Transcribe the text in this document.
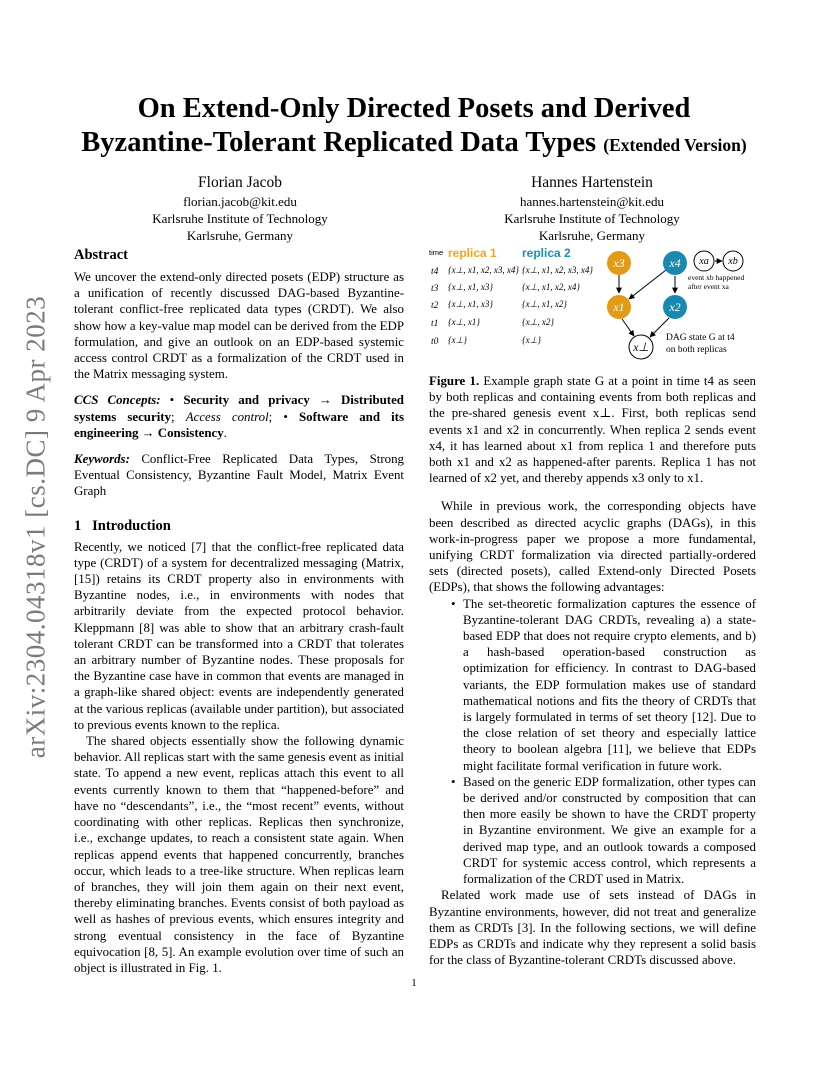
arXiv:2304.04318v1 [cs.DC] 9 Apr 2023
On Extend-Only Directed Posets and Derived
Byzantine-Tolerant Replicated Data Types (Extended Version)
Florian Jacob
florian.jacob@kit.edu
Karlsruhe Institute of Technology
Karlsruhe, Germany
Hannes Hartenstein
hannes.hartenstein@kit.edu
Karlsruhe Institute of Technology
Karlsruhe, Germany
Abstract

We uncover the extend-only directed posets (EDP) structure as a unification of recently discussed DAG-based Byzantine-tolerant conflict-free replicated data types (CRDT). We also show how a key-value map model can be derived from the EDP formulation, and give an outlook on an EDP-based systemic access control CRDT as a formalization of the CRDT used in the Matrix messaging system.

CCS Concepts: • Security and privacy → Distributed systems security; Access control; • Software and its engineering → Consistency.
Keywords: Conflict-Free Replicated Data Types, Strong Eventual Consistency, Byzantine Fault Model, Matrix Event Graph
1 Introduction

Recently, we noticed [7] that the conflict-free replicated data type (CRDT) of a system for decentralized messaging (Matrix, [15]) retains its CRDT property also in environments with Byzantine nodes, i.e., in environments with nodes that arbitrarily deviate from the expected protocol behavior. Kleppmann [8] was able to show that an arbitrary crash-fault tolerant CRDT can be transformed into a CRDT that tolerates an arbitrary number of Byzantine nodes. These proposals for the Byzantine case have in common that events are managed in a graph-like shared object: events are independently generated at the various replicas (available under partition), but associated to previous events known to the replica.

The shared objects essentially show the following dynamic behavior. All replicas start with the same genesis event as initial state. To append a new event, replicas attach this event to all events currently known to them that “happened-before” and have no “descendants”, i.e., the “most recent” events, without coordinating with other replicas. Replicas then synchronize, i.e., exchange updates, to reach a consistent state again. When replicas append events that happened concurrently, branches occur, which leads to a tree-like structure. When replicas learn of branches, they will join them again on their next event, thereby eliminating branches. Events consist of both payload as well as hashes of previous events, which ensures integrity and strong eventual consistency in the face of Byzantine equivocation [8, 5]. An example evolution over time of such an object is illustrated in Fig. 1.

time replica 1 replica 2
t4
t3
t2
t1
t0
{x⊥, x1, x2, x3, x4}
{x⊥, x1, x3}
{x⊥, x1, x3}
{x⊥, x1}
{x⊥}
{x⊥, x1, x2, x3, x4}
{x⊥, x1, x2, x4}
{x⊥, x1, x2}
{x⊥, x2}
{x⊥}
x3	x4
x1	x2
x⊥
xa xb
event xb happened
after event xa
DAG state G at t4
on both replicas

Figure 1. Example graph state G at a point in time t4 as seen by both replicas and containing events from both replicas and the pre-shared genesis event x⊥. First, both replicas send events x1 and x2 in concurrently. When replica 2 sends event x4, it has learned about x1 from replica 1 and therefore puts both x1 and x2 as happened-after parents. Replica 1 has not learned of x2 yet, and thereby appends x3 only to x1.

While in previous work, the corresponding objects have been described as directed acyclic graphs (DAGs), in this work-in-progress paper we propose a more fundamental, unifying CRDT formalization via directed partially-ordered sets (directed posets), called Extend-only Directed Posets (EDPs), that shows the following advantages:

• The set-theoretic formalization captures the essence of Byzantine-tolerant DAG CRDTs, revealing a) a state-based EDP that does not require crypto elements, and b) a hash-based operation-based construction as optimization for efficiency. In contrast to DAG-based variants, the EDP formulation makes use of standard mathematical notions and fits the theory of CRDTs that is largely formulated in terms of set theory [12]. Due to the close relation of set theory and especially lattice theory to boolean algebra [11], we believe that EDPs might facilitate formal verification in future work.
• Based on the generic EDP formalization, other types can be derived and/or constructed by composition that can then more easily be shown to have the CRDT property in Byzantine environment. We give an example for a derived map type, and an outlook towards a composed CRDT for systemic access control, which represents a formalization of the CRDT used in Matrix.

Related work made use of sets instead of DAGs in Byzantine environments, however, did not treat and generalize them as CRDTs [3]. In the following sections, we will define EDPs as CRDTs and indicate why they represent a solid basis for the class of Byzantine-tolerant CRDTs discussed above.

1
